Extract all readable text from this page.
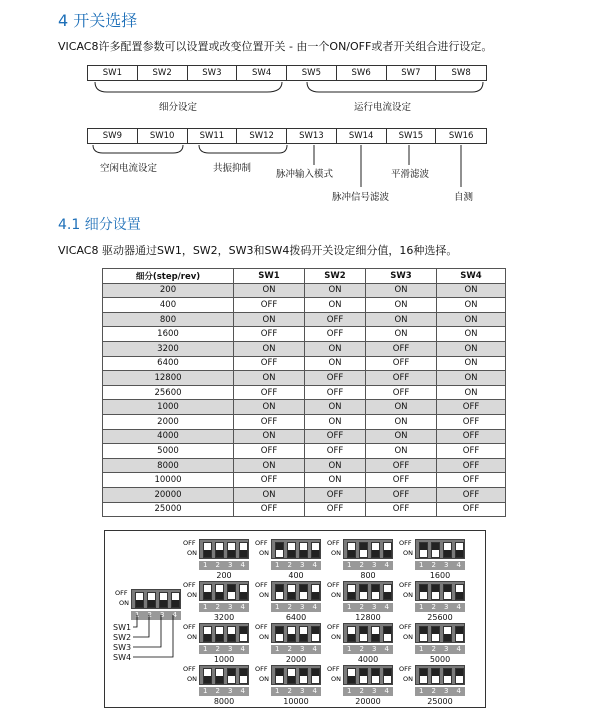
4 开关选择
VICAC8许多配置参数可以设置或改变位置开关 - 由一个ON/OFF或者开关组合进行设定。
SW1	SW2	SW3	SW4	SW5	SW6	SW7	SW8
细分设定	运行电流设定
SW9	SW10	SW11	SW12	SW13	SW14	SW15	SW16
空闲电流设定	共振抑制
脉冲输入模式
脉冲信号滤波
平滑滤波
自测
4.1 细分设置
VICAC8 驱动器通过SW1，SW2，SW3和SW4拨码开关设定细分值，16种选择。
细分(step/rev)	SW1	SW2	SW3	SW4
200	ON	ON	ON	ON
400	OFF	ON	ON	ON
800	ON	OFF	ON	ON
1600	OFF	OFF	ON	ON
3200	ON	ON	OFF	ON
6400	OFF	ON	OFF	ON
12800	ON	OFF	OFF	ON
25600	OFF	OFF	OFF	ON
1000	ON	ON	ON	OFF
2000	OFF	ON	ON	OFF
4000	ON	OFF	ON	OFF
5000	OFF	OFF	ON	OFF
8000	ON	ON	OFF	OFF
10000	OFF	ON	OFF	OFF
20000	ON	OFF	OFF	OFF
25000	OFF	OFF	OFF	OFF
OFF
ON
1 2 3 4
SW1
SW2
SW3
SW4
OFF
ON
1 2 3 4
200
OFF
ON
1 2 3 4
400
OFF
ON
1 2 3 4
800
OFF
ON
1 2 3 4
1600
OFF
ON
1 2 3 4
3200
OFF
ON
1 2 3 4
6400
OFF
ON
1 2 3 4
12800
OFF
ON
1 2 3 4
25600
OFF
ON
1 2 3 4
1000
OFF
ON
1 2 3 4
2000
OFF
ON
1 2 3 4
4000
OFF
ON
1 2 3 4
5000
OFF
ON
1 2 3 4
8000
OFF
ON
1 2 3 4
10000
OFF
ON
1 2 3 4
20000
OFF
ON
1 2 3 4
25000
